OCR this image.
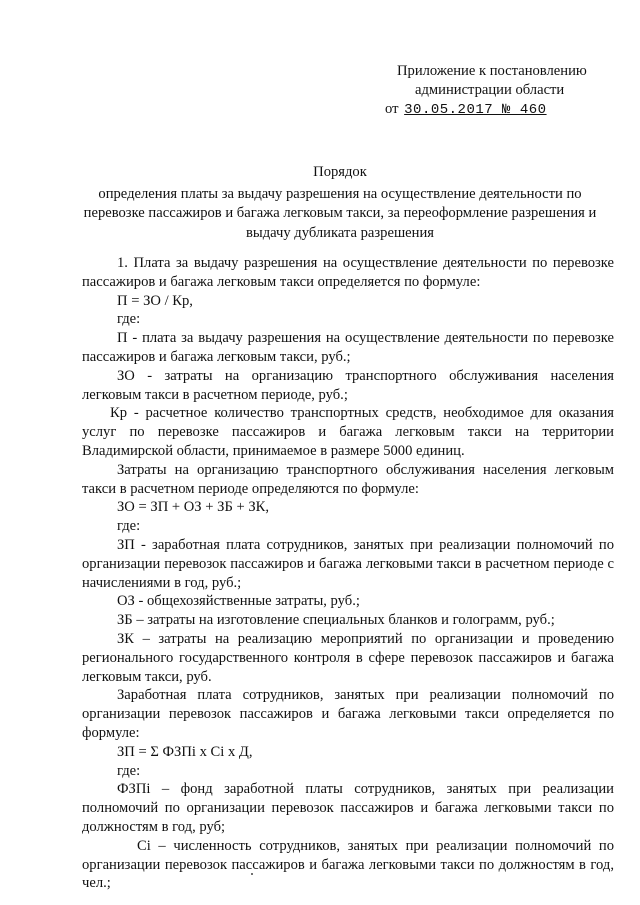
Приложение к постановлению
администрации области
от 30.05.2017 № 460
Порядок
определения платы за выдачу разрешения на осуществление деятельности по перевозке пассажиров и багажа легковым такси, за переоформление разрешения и выдачу дубликата разрешения

1. Плата за выдачу разрешения на осуществление деятельности по перевозке пассажиров и багажа легковым такси определяется по формуле:

П = ЗО / Кр,

где:

П - плата за выдачу разрешения на осуществление деятельности по перевозке пассажиров и багажа легковым такси, руб.;

ЗО - затраты на организацию транспортного обслуживания населения легковым такси в расчетном периоде, руб.;

Кр - расчетное количество транспортных средств, необходимое для оказания услуг по перевозке пассажиров и багажа легковым такси на территории Владимирской области, принимаемое в размере 5000 единиц.

Затраты на организацию транспортного обслуживания населения легковым такси в расчетном периоде определяются по формуле:

ЗО = ЗП + ОЗ + ЗБ + ЗК,

где:

ЗП - заработная плата сотрудников, занятых при реализации полномочий по организации перевозок пассажиров и багажа легковыми такси в расчетном периоде с начислениями в год, руб.;

ОЗ - общехозяйственные затраты, руб.;

ЗБ – затраты на изготовление специальных бланков и голограмм, руб.;

ЗК – затраты на реализацию мероприятий по организации и проведению регионального государственного контроля в сфере перевозок пассажиров и багажа легковым такси, руб.

Заработная плата сотрудников, занятых при реализации полномочий по организации перевозок пассажиров и багажа легковыми такси определяется по формуле:

ЗП = Σ ФЗПi х Ci х Д,

где:

ФЗПi – фонд заработной платы сотрудников, занятых при реализации полномочий по организации перевозок пассажиров и багажа легковыми такси по должностям в год, руб;

Ci – численность сотрудников, занятых при реализации полномочий по организации перевозок пассажиров и багажа легковыми такси по должностям в год, чел.;
